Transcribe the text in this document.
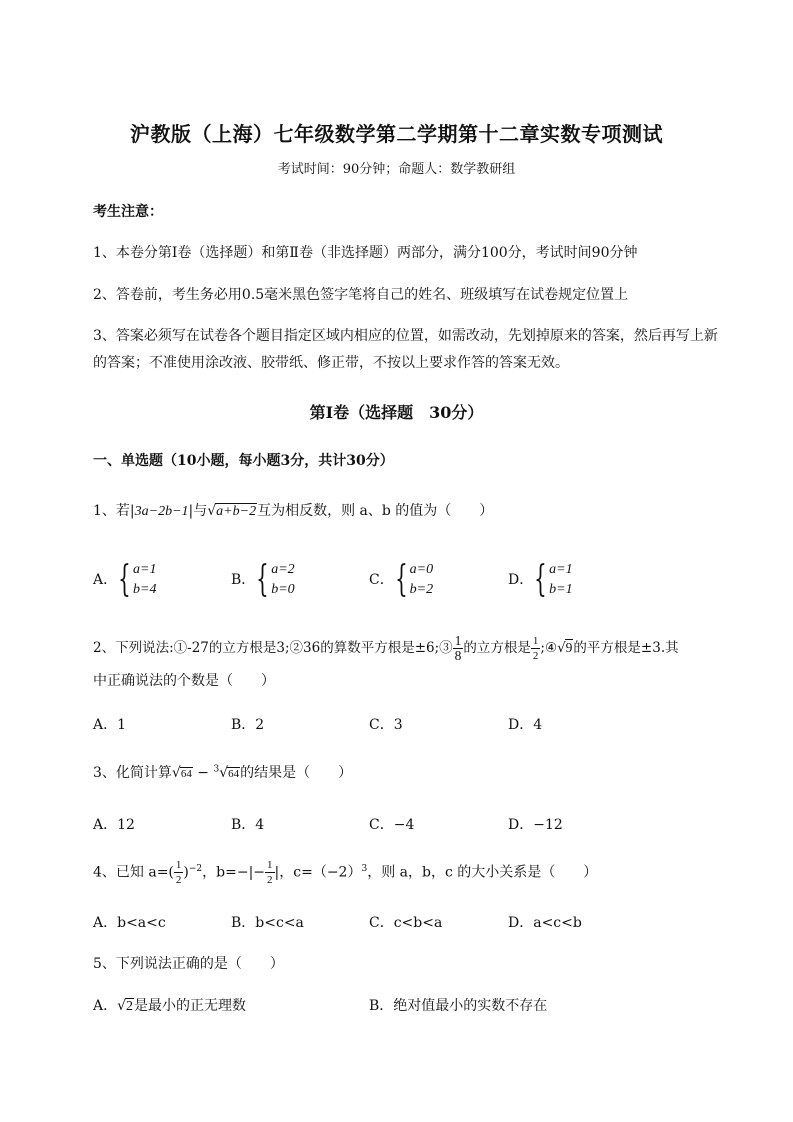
沪教版（上海）七年级数学第二学期第十二章实数专项测试
考试时间：90分钟；命题人：数学教研组
考生注意：
1、本卷分第Ⅰ卷（选择题）和第Ⅱ卷（非选择题）两部分，满分100分，考试时间90分钟
2、答卷前，考生务必用0.5毫米黑色签字笔将自己的姓名、班级填写在试卷规定位置上
3、答案必须写在试卷各个题目指定区域内相应的位置，如需改动，先划掉原来的答案，然后再写上新
的答案；不准使用涂改液、胶带纸、修正带，不按以上要求作答的答案无效。
第Ⅰ卷（选择题　30分）
一、单选题（10小题，每小题3分，共计30分）
1、若|3a−2b−1|与√a+b−2互为相反数，则 a、b 的值为（　　）
A． { a=1
b=4
B． { a=2
b=0
C． { a=0
b=2
D． { a=1
b=1
2、下列说法:①-27的立方根是3;②36的算数平方根是±6;③ $\frac{1}{8}$ 的立方根是 $\frac{1}{2}$ ;④√9的平方根是±3.其
中正确说法的个数是（　　）
A．1	B．2	C．3	D．4
3、化简计算√64 − $^3$√64的结果是（　　）
A．12	B．4	C．−4	D．−12
4、已知 $a=( \frac{1}{2} )^{-2}$，$b=-|- \frac{1}{2}$ |，$c=(-2)^3$，则 a，b，c 的大小关系是（　　）
A．b<a<c	B．b<c<a	C．c<b<a	D．a<c<b
5、下列说法正确的是（　　）
A．√2是最小的正无理数	B．绝对值最小的实数不存在
